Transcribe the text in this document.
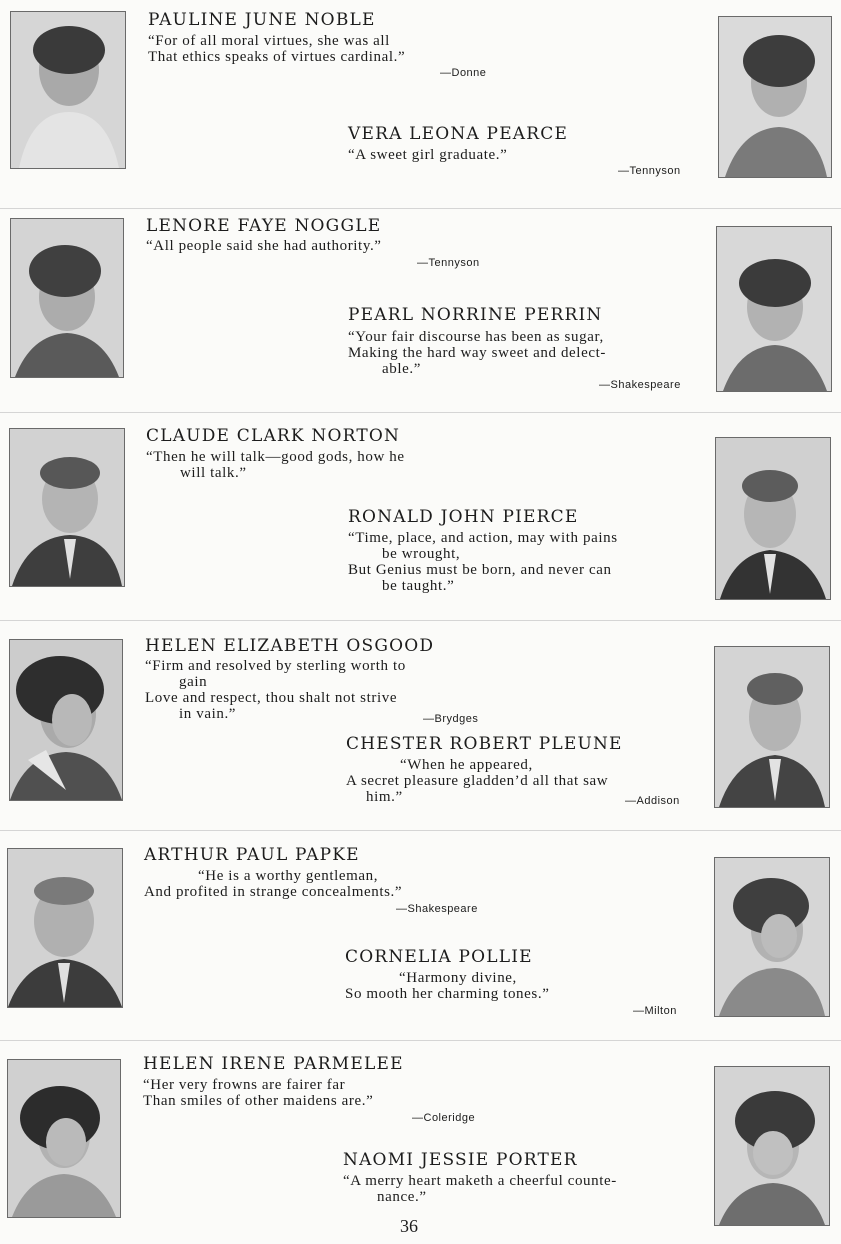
PAULINE JUNE NOBLE
“For of all moral virtues, she was all
That ethics speaks of virtues cardinal.”
—Donne
VERA LEONA PEARCE
“A sweet girl graduate.”
—Tennyson
LENORE FAYE NOGGLE
“All people said she had authority.”
—Tennyson
PEARL NORRINE PERRIN
“Your fair discourse has been as sugar,
Making the hard way sweet and delect-
able.”
—Shakespeare
CLAUDE CLARK NORTON
“Then he will talk—good gods, how he
will talk.”
RONALD JOHN PIERCE
“Time, place, and action, may with pains
be wrought,
But Genius must be born, and never can
be taught.”
HELEN ELIZABETH OSGOOD
“Firm and resolved by sterling worth to
gain
Love and respect, thou shalt not strive
in vain.”	—Brydges
CHESTER ROBERT PLEUNE
“When he appeared,
A secret pleasure gladden’d all that saw
him.”	—Addison
ARTHUR PAUL PAPKE
“He is a worthy gentleman,
And profited in strange concealments.”
—Shakespeare
CORNELIA POLLIE
“Harmony divine,
So mooth her charming tones.”
—Milton
HELEN IRENE PARMELEE
“Her very frowns are fairer far
Than smiles of other maidens are.”
—Coleridge
NAOMI JESSIE PORTER
“A merry heart maketh a cheerful counte-
nance.”
36
